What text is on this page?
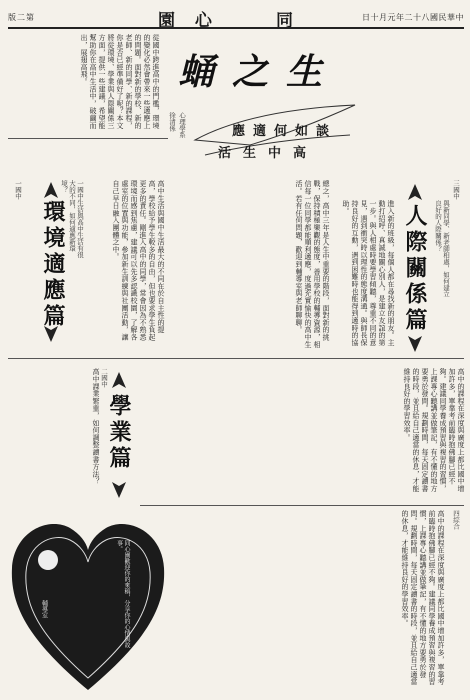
版二第	園 心	同	日十月元年二十八國民華中
從國中跨進高中的門檻，環境的變化必然會帶來一些適應上的問題。面對新的學校、新的老師、新的同學、新的課程，你是否已經準備好了呢？本文將從環境、學業與人際關係三方面，提供一些建議，希望能幫助你在高中生活中，破繭而出，展翅高飛。
徐清係 心理學系
蛹之生
應適何如談
活生中高
一國中
環境適應篇	高中生活與國中生活最大的不同在於自主性的提高，學校給予學生較多的自由，但也要求學生負起更多的責任。剛進入高中的同學，常會因為不熟悉環境而感到焦慮，建議可以先多認識校園，了解各處室的位置與功能，參加新生訓練與社團活動，讓自己早日融入團體之中。
一國中生活與高中生活有很大的不同，如何適應新環境？	總之，高中三年是人生中重要的階段，面對新的挑戰，保持積極樂觀的態度，善用學校的輔導資源，相信每一位同學都能順利適應，度過充實愉快的高中生活。若有任何問題，歡迎到輔導室與老師聊聊。	三國中
人際關係篇	與新同學、新老師相處，如何建立良好的人際關係？
進入新的班級，每個人都在尋找新的朋友。主動打招呼、真誠地關心別人，是建立友誼的第一步。與人相處時要學習傾聽，尊重不同的意見，遇到衝突時以理性的態度溝通。與師長保持良好的互動，遇到困難時也能得到適時的協助。
二國中
學業篇
高中課業繁重，如何調整讀書方法？	高中的課程在深度與廣度上都比國中增加許多，單靠考前臨時抱佛腳已經不夠。建議同學養成預習與複習的習慣，上課專心聽講並做筆記，有不懂的地方要勇於發問。規劃時間，每天固定讀書的時段，並且給自己適當的休息，才能維持良好的學習效率。
四綜合
高中的課程在深度與廣度上都比國中增加許多，單靠考前臨時抱佛腳已經不夠。建議同學養成預習與複習的習慣，上課專心聽講並做筆記，有不懂的地方要勇於發問。規劃時間，每天固定讀書的時段，並且給自己適當的休息，才能維持良好的學習效率。
同心園歡迎你的來稿，分享你的心情與故事。
輔導室
